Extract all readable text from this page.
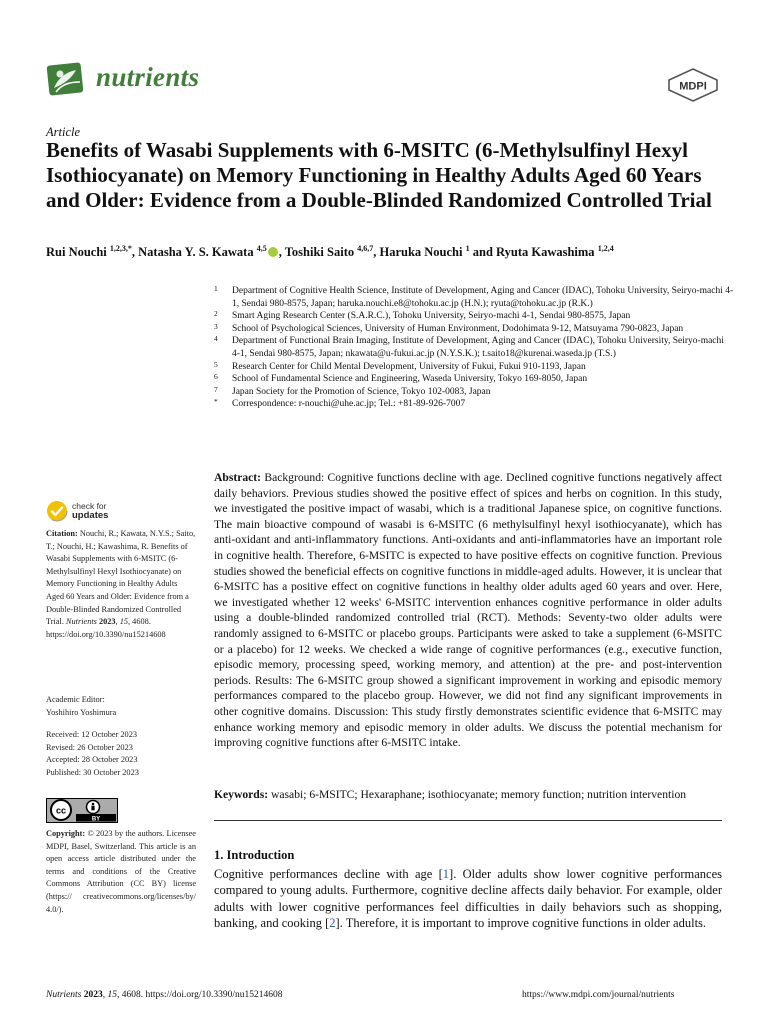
nutrients	MDPI
Article
Benefits of Wasabi Supplements with 6-MSITC (6-Methylsulfinyl Hexyl Isothiocyanate) on Memory Functioning in Healthy Adults Aged 60 Years and Older: Evidence from a Double-Blinded Randomized Controlled Trial
Rui Nouchi $^{1,2,3,*}$, Natasha Y. S. Kawata $^{4,5}$ , Toshiki Saito $^{4,6,7}$, Haruka Nouchi $^1$ and Ryuta Kawashima $^{1,2,4}$
1 Department of Cognitive Health Science, Institute of Development, Aging and Cancer (IDAC), Tohoku University, Seiryo-machi 4-1, Sendai 980-8575, Japan; haruka.nouchi.e8@tohoku.ac.jp (H.N.); ryuta@tohoku.ac.jp (R.K.)
2 Smart Aging Research Center (S.A.R.C.), Tohoku University, Seiryo-machi 4-1, Sendai 980-8575, Japan
3 School of Psychological Sciences, University of Human Environment, Dodohimata 9-12, Matsuyama 790-0823, Japan
4 Department of Functional Brain Imaging, Institute of Development, Aging and Cancer (IDAC), Tohoku University, Seiryo-machi 4-1, Sendai 980-8575, Japan; nkawata@u-fukui.ac.jp (N.Y.S.K.); t.saito18@kurenai.waseda.jp (T.S.)
5 Research Center for Child Mental Development, University of Fukui, Fukui 910-1193, Japan
6 School of Fundamental Science and Engineering, Waseda University, Tokyo 169-8050, Japan
7 Japan Society for the Promotion of Science, Tokyo 102-0083, Japan
* Correspondence: r-nouchi@uhe.ac.jp; Tel.: +81-89-926-7007

Abstract: Background: Cognitive functions decline with age. Declined cognitive functions negatively affect daily behaviors. Previous studies showed the positive effect of spices and herbs on cognition. In this study, we investigated the positive impact of wasabi, which is a traditional Japanese spice, on cognitive functions. The main bioactive compound of wasabi is 6-MSITC (6 methylsulfinyl hexyl isothiocyanate), which has anti-oxidant and anti-inflammatory functions. Anti-oxidants and anti-inflammatories have an important role in cognitive health. Therefore, 6-MSITC is expected to have positive effects on cognitive function. Previous studies showed the beneficial effects on cognitive functions in middle-aged adults. However, it is unclear that 6-MSITC has a positive effect on cognitive functions in healthy older adults aged 60 years and over. Here, we investigated whether 12 weeks' 6-MSITC intervention enhances cognitive performance in older adults using a double-blinded randomized controlled trial (RCT). Methods: Seventy-two older adults were randomly assigned to 6-MSITC or placebo groups. Participants were asked to take a supplement (6-MSITC or a placebo) for 12 weeks. We checked a wide range of cognitive performances (e.g., executive function, episodic memory, processing speed, working memory, and attention) at the pre- and post-intervention periods. Results: The 6-MSITC group showed a significant improvement in working and episodic memory performances compared to the placebo group. However, we did not find any significant improvements in other cognitive domains. Discussion: This study firstly demonstrates scientific evidence that 6-MSITC may enhance working memory and episodic memory in older adults. We discuss the potential mechanism for improving cognitive functions after 6-MSITC intake.

Keywords: wasabi; 6-MSITC; Hexaraphane; isothiocyanate; memory function; nutrition intervention

check for
updates
Citation: Nouchi, R.; Kawata, N.Y.S.; Saito, T.; Nouchi, H.; Kawashima, R. Benefits of Wasabi Supplements with 6-MSITC (6-Methylsulfinyl Hexyl Isothiocyanate) on Memory Functioning in Healthy Adults Aged 60 Years and Older: Evidence from a Double-Blinded Randomized Controlled Trial. Nutrients 2023, 15, 4608. https://doi.org/10.3390/nu15214608
Academic Editor:
Yoshihiro Yoshimura
Received: 12 October 2023
Revised: 26 October 2023
Accepted: 28 October 2023
Published: 30 October 2023
cc
BY
Copyright: © 2023 by the authors. Licensee MDPI, Basel, Switzerland. This article is an open access article distributed under the terms and conditions of the Creative Commons Attribution (CC BY) license (https:// creativecommons.org/licenses/by/ 4.0/).
1. Introduction

Cognitive performances decline with age [1]. Older adults show lower cognitive performances compared to young adults. Furthermore, cognitive decline affects daily behavior. For example, older adults with lower cognitive performances feel difficulties in daily behaviors such as shopping, banking, and cooking [2]. Therefore, it is important to improve cognitive functions in older adults.

Nutrients 2023, 15, 4608. https://doi.org/10.3390/nu15214608	https://www.mdpi.com/journal/nutrients
